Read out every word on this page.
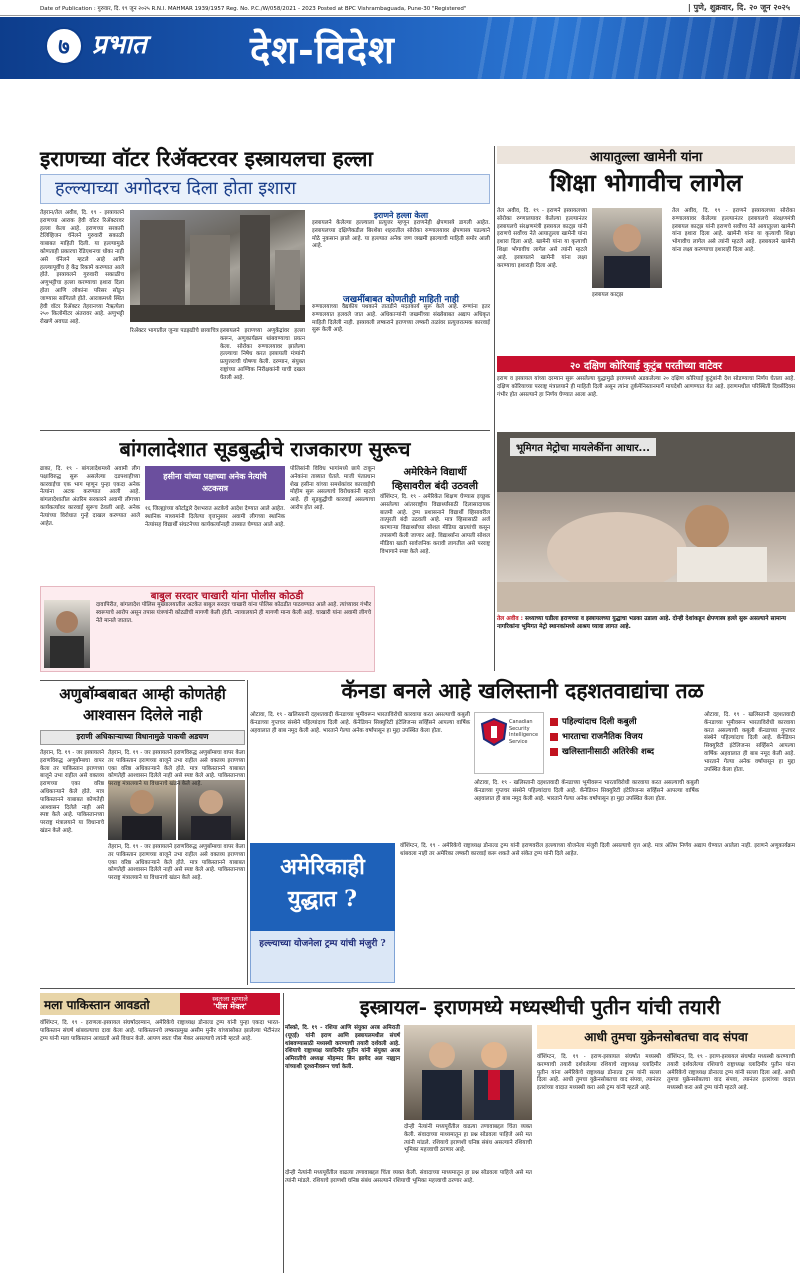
Date of Publication : गुरुवार, दि. १९ जून २०२५ R.N.I. MAHMAR 1939/1957 Reg. No. P.C./W/058/2021 - 2023 Posted at BPC Vishrambaguada, Pune-30 "Registered"	| पुणे, शुक्रवार, दि. २० जून २०२५
७ प्रभात	देश-विदेश
इराणच्या वॉटर रिॲक्टरवर इस्त्रायलचा हल्ला
हल्ल्याच्या अगोदरच दिला होता इशारा
तेहरान/तेल अवीव, दि. १९ - इस्त्रायलने इराणच्या आराक हेवी वॉटर रिॲक्टरवर हल्ला केला आहे. इराणच्या सरकारी टेलिव्हिजन चॅनेलने गुरुवारी सकाळी याबाबत माहिती दिली. या हल्ल्यामुळे कोणताही प्रकारचा रेडिएशनचा धोका नाही असे चॅनेलने म्हटले आहे आणि हल्ल्यापूर्वीच हे केंद्र रिकामे करण्यात आले होते. इस्त्रायलने गुरुवारी सकाळीच अणुभट्टीचा हल्ला करण्याचा इशारा दिला होता आणि लोकांना परिसर सोडून जाण्यास सांगितले होते. आराकमध्ये स्थित हेवी वॉटर रिॲक्टर तेहरानच्या नैऋत्येला २५० किलोमीटर अंतरावर आहे. अणुभट्टी रोखणे अवघड आहे.
रिॲक्टर भागातील जुन्या पडझडीचे छायाचित्र इस्त्रायलने इराणच्या अणुकेंद्रांवर हल्ला करून, अणुकार्यक्रम थांबवण्याचा प्रयत्न केला. सोरोका रुग्णालयावर झालेल्या हल्ल्याचा निषेध करत इस्त्रायली मंत्र्यांनी प्रत्युत्तराची घोषणा केली. दरम्यान, संयुक्त राष्ट्रांच्या आण्विक निरीक्षकांनी याची दखल घेतली आहे.
इराणने हल्ला केला
इस्त्रायलने केलेल्या हल्ल्याला प्रत्युत्तर म्हणून इराणनेही क्षेपणास्त्रे डागली आहेत. इस्त्रायलच्या दक्षिणेकडील बिरशेबा शहरातील सोरोका रुग्णालयावर क्षेपणास्त्र पडल्याने मोठे नुकसान झाले आहे. या हल्ल्यात अनेक जण जखमी झाल्याची माहिती समोर आली आहे.
जखमींबाबत कोणतीही माहिती नाही
रुग्णालयाच्या वैद्यकीय पथकाने तातडीने मदतकार्य सुरू केले आहे. रुग्णांना इतर रुग्णालयात हलवले जात आहे. अधिकाऱ्यांनी जखमींच्या संख्येबाबत अद्याप अधिकृत माहिती दिलेली नाही. इस्त्रायली लष्कराने इराणच्या लष्करी तळांवर प्रत्युत्तरात्मक कारवाई सुरू केली आहे.
आयातुल्ला खामेनी यांना
शिक्षा भोगावीच लागेल
तेल अवीव, दि. १९ - इराणने इस्त्रायलच्या सोरोका रुग्णालयावर केलेल्या हल्ल्यानंतर इस्त्रायलचे संरक्षणमंत्री इस्त्रायल काट्झ यांनी इराणचे सर्वोच्च नेते आयातुल्ला खामेनी यांना इशारा दिला आहे. खामेनी यांना या कृत्याची शिक्षा भोगावीच लागेल असे त्यांनी म्हटले आहे. इस्त्रायलने खामेनी यांना लक्ष्य करण्याचा इशाराही दिला आहे.
इस्त्रायल काट्झ
तेल अवीव, दि. १९ - इराणने इस्त्रायलच्या सोरोका रुग्णालयावर केलेल्या हल्ल्यानंतर इस्त्रायलचे संरक्षणमंत्री इस्त्रायल काट्झ यांनी इराणचे सर्वोच्च नेते आयातुल्ला खामेनी यांना इशारा दिला आहे. खामेनी यांना या कृत्याची शिक्षा भोगावीच लागेल असे त्यांनी म्हटले आहे. इस्त्रायलने खामेनी यांना लक्ष्य करण्याचा इशाराही दिला आहे.
२० दक्षिण कोरियाई कुटुंब परतीच्या वाटेवर
इराण व इस्त्रायल यांच्या दरम्यान सुरू असलेल्या युद्धामुळे इराणमध्ये अडकलेल्या २० दक्षिण कोरियाई कुटुंबांनी देश सोडण्याचा निर्णय घेतला आहे. दक्षिण कोरियाच्या परराष्ट्र मंत्रालयाने ही माहिती दिली असून त्यांना तुर्कमेनिस्तानमार्गे मायदेशी आणण्यात येत आहे. इराणमधील परिस्थिती दिवसेंदिवस गंभीर होत असल्याने हा निर्णय घेण्यात आला आहे.
बांगलादेशात सूडबुद्धीचे राजकारण सुरूच
ढाका, दि. १९ - बांगलादेशमध्ये अवामी लीग पक्षाविरुद्ध सुरू असलेल्या दडपशाहीच्या कारवाईचा एक भाग म्हणून पुन्हा एकदा अनेक नेत्यांना अटक करण्यात आली आहे. बांगलादेशातील अंतरिम सरकारने अवामी लीगच्या कार्यकर्त्यांवर कारवाई सुरूच ठेवली आहे. अनेक नेत्यांच्या विरोधात गुन्हे दाखल करण्यात आले आहेत.
हसीना यांच्या पक्षाच्या अनेक नेत्यांचे अटकसत्र
१६ जिल्ह्यांच्या कोर्टाद्वारे देशभरात अटकेचे आदेश देण्यात आले आहेत. स्थानिक माध्यमांनी दिलेल्या वृत्तानुसार अवामी लीगच्या स्थानिक नेत्यांसह विद्यार्थी संघटनेच्या कार्यकर्त्यांनाही ताब्यात घेण्यात आले आहे.
पोलिसांनी विविध भागांमध्ये छापे टाकून अनेकांना ताब्यात घेतले. माजी पंतप्रधान शेख हसीना यांच्या समर्थकांवर कारवाईची मोहीम सुरू असल्याचे विरोधकांनी म्हटले आहे. ही सूडबुद्धीची कारवाई असल्याचा आरोप होत आहे.
अमेरिकेने विद्यार्थी
व्हिसावरील बंदी उठवली
वॉशिंग्टन, दि. १९ - अमेरिकेत शिक्षण घेण्यास इच्छुक असलेल्या आंतरराष्ट्रीय विद्यार्थ्यांसाठी दिलासादायक बातमी आहे. ट्रम्प प्रशासनाने विद्यार्थी व्हिसावरील तात्पुरती बंदी उठवली आहे. मात्र व्हिसासाठी अर्ज करणाऱ्या विद्यार्थ्यांच्या सोशल मीडिया खात्यांची कसून तपासणी केली जाणार आहे. विद्यार्थ्यांना आपली सोशल मीडिया खाती सार्वजनिक करावी लागतील असे परराष्ट्र विभागाने स्पष्ट केले आहे.
भूमिगत मेट्रोचा मायलेकींना आधार...
तेल अवीव : सध्याच्या घडीला इराणच्या व इस्त्रायलच्या युद्धाचा भडका उडाला आहे. दोन्ही देशांकडून क्षेपणास्त्र हल्ले सुरू असल्याने सामान्य नागरिकांना भूमिगत मेट्रो स्थानकांमध्ये आश्रय घ्यावा लागत आहे.
बाबुल सरदार चाखारी यांना पोलीस कोठडी
दावापिरीत, बांगलादेश पोलिस मुख्यालयातील अटकेत बाबुल सरदार चाखारी यांना पोलिस कोठडीत पाठवण्यात आले आहे. त्यांच्यावर गंभीर स्वरूपाचे आरोप असून तपास यंत्रणांनी कोठडीची मागणी केली होती. न्यायालयाने ही मागणी मान्य केली आहे. चाखारी यांना अवामी लीगचे नेते मानले जातात.
अणुबॉम्बबाबत आम्ही कोणतेही आश्वासन दिलेले नाही
इराणी अधिकाऱ्याच्या विधानामुळे पाकची अडचण
तेहरान, दि. १९ - जर इस्त्रायलने इराणविरुद्ध अणुबॉम्बचा वापर केला तर पाकिस्तान इराणच्या बाजूने उभा राहील असे वक्तव्य इराणच्या एका वरिष्ठ अधिकाऱ्याने केले होते. मात्र पाकिस्तानने याबाबत कोणतेही आश्वासन दिलेले नाही असे स्पष्ट केले आहे. पाकिस्तानच्या परराष्ट्र मंत्रालयाने या विधानाचे खंडन केले आहे.
तेहरान, दि. १९ - जर इस्त्रायलने इराणविरुद्ध अणुबॉम्बचा वापर केला तर पाकिस्तान इराणच्या बाजूने उभा राहील असे वक्तव्य इराणच्या एका वरिष्ठ अधिकाऱ्याने केले होते. मात्र पाकिस्तानने याबाबत कोणतेही आश्वासन दिलेले नाही असे स्पष्ट केले आहे. पाकिस्तानच्या परराष्ट्र मंत्रालयाने या विधानाचे खंडन केले आहे.
तेहरान, दि. १९ - जर इस्त्रायलने इराणविरुद्ध अणुबॉम्बचा वापर केला तर पाकिस्तान इराणच्या बाजूने उभा राहील असे वक्तव्य इराणच्या एका वरिष्ठ अधिकाऱ्याने केले होते. मात्र पाकिस्तानने याबाबत कोणतेही आश्वासन दिलेले नाही असे स्पष्ट केले आहे. पाकिस्तानच्या परराष्ट्र मंत्रालयाने या विधानाचे खंडन केले आहे.
कॅनडा बनले आहे खलिस्तानी दहशतवाद्यांचा तळ
ओटावा, दि. १९ - खलिस्तानी दहशतवादी कॅनडाच्या भूमीवरून भारताविरोधी कारवाया करत असल्याची कबुली कॅनडाच्या गुप्तचर संस्थेने पहिल्यांदाच दिली आहे. कॅनेडियन सिक्युरिटी इंटेलिजन्स सर्व्हिसने आपल्या वार्षिक अहवालात ही बाब नमूद केली आहे. भारताने गेल्या अनेक वर्षांपासून हा मुद्दा उपस्थित केला होता.
Canadian Security Intelligence Service
पहिल्यांदाच दिली कबुली
भारताचा राजनैतिक विजय
खलिस्तानीसाठी अतिरेकी शब्द
ओटावा, दि. १९ - खलिस्तानी दहशतवादी कॅनडाच्या भूमीवरून भारताविरोधी कारवाया करत असल्याची कबुली कॅनडाच्या गुप्तचर संस्थेने पहिल्यांदाच दिली आहे. कॅनेडियन सिक्युरिटी इंटेलिजन्स सर्व्हिसने आपल्या वार्षिक अहवालात ही बाब नमूद केली आहे. भारताने गेल्या अनेक वर्षांपासून हा मुद्दा उपस्थित केला होता.
ओटावा, दि. १९ - खलिस्तानी दहशतवादी कॅनडाच्या भूमीवरून भारताविरोधी कारवाया करत असल्याची कबुली कॅनडाच्या गुप्तचर संस्थेने पहिल्यांदाच दिली आहे. कॅनेडियन सिक्युरिटी इंटेलिजन्स सर्व्हिसने आपल्या वार्षिक अहवालात ही बाब नमूद केली आहे. भारताने गेल्या अनेक वर्षांपासून हा मुद्दा उपस्थित केला होता.
अमेरिकाही
युद्धात ?
हल्ल्याच्या योजनेला ट्रम्प यांची मंजुरी ?
वॉशिंग्टन, दि. १९ - अमेरिकेचे राष्ट्राध्यक्ष डोनाल्ड ट्रम्प यांनी इराणवरील हल्ल्याच्या योजनेला मंजुरी दिली असल्याचे वृत्त आहे. मात्र अंतिम निर्णय अद्याप घेण्यात आलेला नाही. इराणने अणुकार्यक्रम थांबवला नाही तर अमेरिका लष्करी कारवाई करू शकते असे संकेत ट्रम्प यांनी दिले आहेत.
मला पाकिस्तान आवडतो	स्वतःला म्हणाले
'पीस मेकर'
वॉशिंग्टन, दि. १९ - इराणला-इस्त्रायल संघर्षादरम्यान, अमेरिकेचे राष्ट्राध्यक्ष डोनाल्ड ट्रम्प यांनी पुन्हा एकदा भारत-पाकिस्तान संघर्ष थांबवल्याचा दावा केला आहे. पाकिस्तानचे लष्करप्रमुख असीम मुनीर यांच्यासोबत झालेल्या भेटीनंतर ट्रम्प यांनी मला पाकिस्तान आवडतो असे विधान केले. आपण स्वतः पीस मेकर असल्याचे त्यांनी म्हटले आहे.
इस्त्रायल- इराणमध्ये मध्यस्थीची पुतीन यांची तयारी
मॉस्को, दि. १९ - रशिया आणि संयुक्त अरब अमिराती (यूएई) यांनी इराण आणि इस्त्रायलमधील संघर्ष थांबवण्यासाठी मध्यस्थी करण्याची तयारी दर्शवली आहे. रशियाचे राष्ट्राध्यक्ष व्लादिमीर पुतीन यांनी संयुक्त अरब अमिरातीचे अध्यक्ष मोहम्मद बिन झायेद अल नाह्यान यांच्याशी दूरध्वनीवरून चर्चा केली.
दोन्ही नेत्यांनी मध्यपूर्वेतील वाढत्या तणावाबद्दल चिंता व्यक्त केली. संवादाच्या माध्यमातून हा प्रश्न सोडवला पाहिजे असे मत त्यांनी मांडले. रशियाचे इराणशी घनिष्ठ संबंध असल्याने रशियाची भूमिका महत्त्वाची ठरणार आहे.
दोन्ही नेत्यांनी मध्यपूर्वेतील वाढत्या तणावाबद्दल चिंता व्यक्त केली. संवादाच्या माध्यमातून हा प्रश्न सोडवला पाहिजे असे मत त्यांनी मांडले. रशियाचे इराणशी घनिष्ठ संबंध असल्याने रशियाची भूमिका महत्त्वाची ठरणार आहे.
आधी तुमचा युक्रेनसोबतचा वाद संपवा
वॉशिंग्टन, दि. १९ - इराण-इस्त्रायल संघर्षात मध्यस्थी करण्याची तयारी दर्शवलेल्या रशियाचे राष्ट्राध्यक्ष व्लादिमीर पुतीन यांना अमेरिकेचे राष्ट्राध्यक्ष डोनाल्ड ट्रम्प यांनी सल्ला दिला आहे. आधी तुमचा युक्रेनसोबतचा वाद संपवा, त्यानंतर इतरांच्या वादात मध्यस्थी करा असे ट्रम्प यांनी म्हटले आहे.
वॉशिंग्टन, दि. १९ - इराण-इस्त्रायल संघर्षात मध्यस्थी करण्याची तयारी दर्शवलेल्या रशियाचे राष्ट्राध्यक्ष व्लादिमीर पुतीन यांना अमेरिकेचे राष्ट्राध्यक्ष डोनाल्ड ट्रम्प यांनी सल्ला दिला आहे. आधी तुमचा युक्रेनसोबतचा वाद संपवा, त्यानंतर इतरांच्या वादात मध्यस्थी करा असे ट्रम्प यांनी म्हटले आहे.
